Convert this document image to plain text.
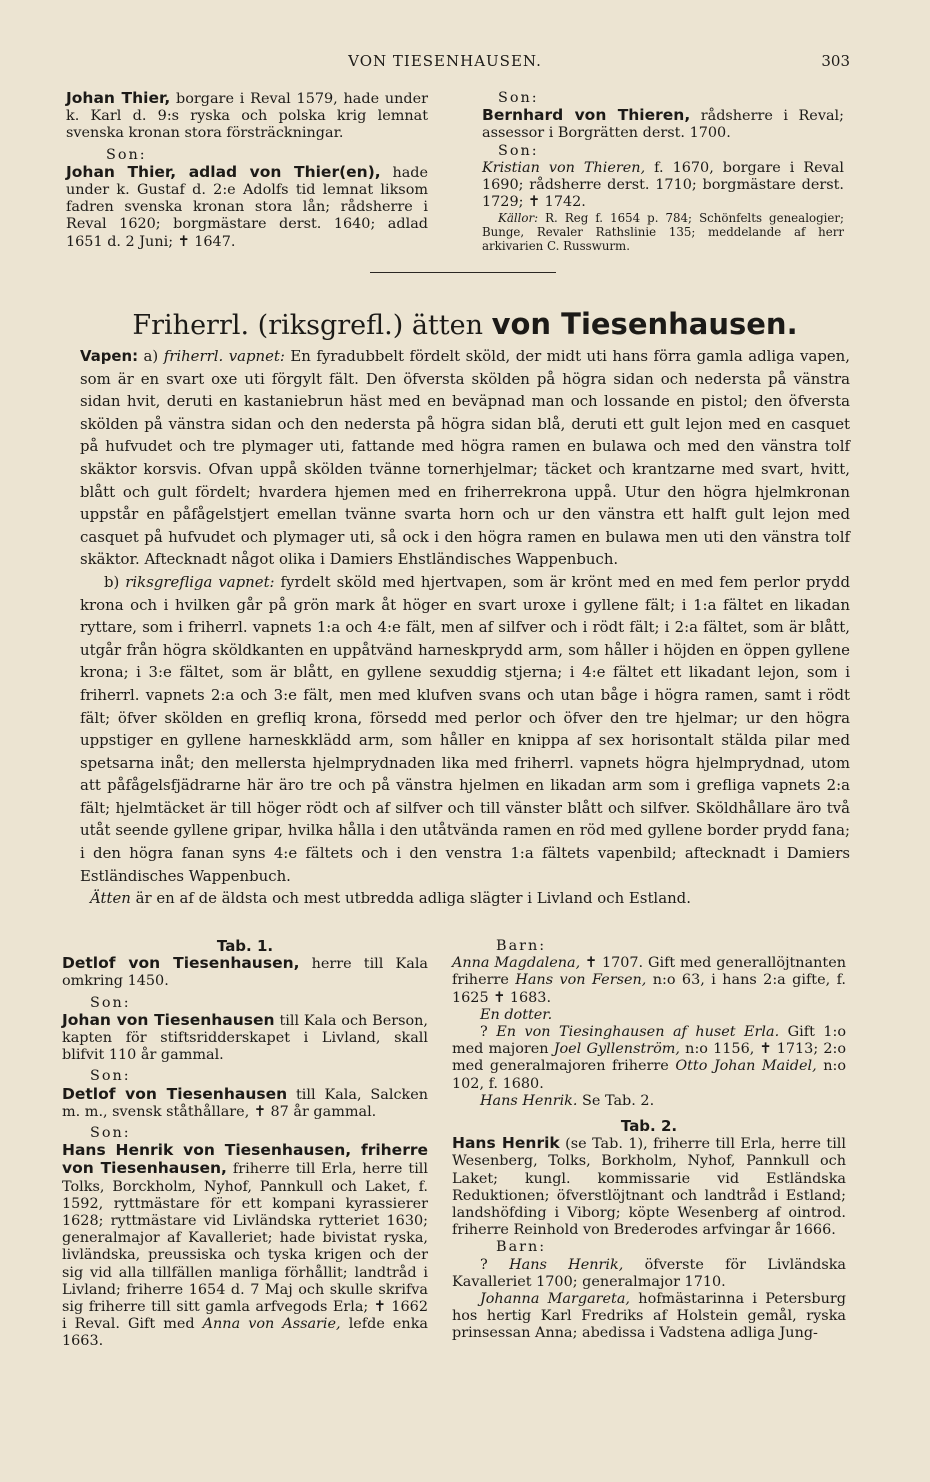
VON TIESENHAUSEN.	303

Johan Thier, borgare i Reval 1579, hade under k. Karl d. 9:s ryska och polska krig lemnat svenska kronan stora försträckningar.

Son:

Johan Thier, adlad von Thier(en), hade under k. Gustaf d. 2:e Adolfs tid lemnat liksom fadren svenska kronan stora lån; rådsherre i Reval 1620; borgmästare derst. 1640; adlad 1651 d. 2 Juni; ✝ 1647.

Son:

Bernhard von Thieren, rådsherre i Reval; assessor i Borgrätten derst. 1700.

Son:

Kristian von Thieren, f. 1670, borgare i Reval 1690; rådsherre derst. 1710; borgmästare derst. 1729; ✝ 1742.

Källor: R. Reg f. 1654 p. 784; Schönfelts genealogier; Bunge, Revaler Rathslinie 135; meddelande af herr arkivarien C. Russwurm.

Friherrl. (riksgrefl.) ätten von Tiesenhausen.

Vapen: a) friherrl. vapnet: En fyradubbelt fördelt sköld, der midt uti hans förra gamla adliga vapen, som är en svart oxe uti förgylt fält. Den öfversta skölden på högra sidan och nedersta på vänstra sidan hvit, deruti en kastaniebrun häst med en beväpnad man och lossande en pistol; den öfversta skölden på vänstra sidan och den nedersta på högra sidan blå, deruti ett gult lejon med en casquet på hufvudet och tre plymager uti, fattande med högra ramen en bulawa och med den vänstra tolf skäktor korsvis. Ofvan uppå skölden tvänne tornerhjelmar; täcket och krantzarne med svart, hvitt, blått och gult fördelt; hvardera hjemen med en friherrekrona uppå. Utur den högra hjelmkronan uppstår en påfågelstjert emellan tvänne svarta horn och ur den vänstra ett halft gult lejon med casquet på hufvudet och plymager uti, så ock i den högra ramen en bulawa men uti den vänstra tolf skäktor. Aftecknadt något olika i Damiers Ehstländisches Wappenbuch.

b) riksgrefliga vapnet: fyrdelt sköld med hjertvapen, som är krönt med en med fem perlor prydd krona och i hvilken går på grön mark åt höger en svart uroxe i gyllene fält; i 1:a fältet en likadan ryttare, som i friherrl. vapnets 1:a och 4:e fält, men af silfver och i rödt fält; i 2:a fältet, som är blått, utgår från högra sköldkanten en uppåtvänd harneskprydd arm, som håller i höjden en öppen gyllene krona; i 3:e fältet, som är blått, en gyllene sexuddig stjerna; i 4:e fältet ett likadant lejon, som i friherrl. vapnets 2:a och 3:e fält, men med klufven svans och utan båge i högra ramen, samt i rödt fält; öfver skölden en grefliq krona, försedd med perlor och öfver den tre hjelmar; ur den högra uppstiger en gyllene harneskklädd arm, som håller en knippa af sex horisontalt stälda pilar med spetsarna inåt; den mellersta hjelmprydnaden lika med friherrl. vapnets högra hjelmprydnad, utom att påfågelsfjädrarne här äro tre och på vänstra hjelmen en likadan arm som i grefliga vapnets 2:a fält; hjelmtäcket är till höger rödt och af silfver och till vänster blått och silfver. Sköldhållare äro två utåt seende gyllene gripar, hvilka hålla i den utåtvända ramen en röd med gyllene border prydd fana; i den högra fanan syns 4:e fältets och i den venstra 1:a fältets vapenbild; aftecknadt i Damiers Estländisches Wappenbuch.

Ätten är en af de äldsta och mest utbredda adliga slägter i Livland och Estland.

Tab. 1.

Detlof von Tiesenhausen, herre till Kala omkring 1450.

Son:

Johan von Tiesenhausen till Kala och Berson, kapten för stiftsridderskapet i Livland, skall blifvit 110 år gammal.

Son:

Detlof von Tiesenhausen till Kala, Salcken m. m., svensk ståthållare, ✝ 87 år gammal.

Son:

Hans Henrik von Tiesenhausen, friherre von Tiesenhausen, friherre till Erla, herre till Tolks, Borckholm, Nyhof, Pannkull och Laket, f. 1592, ryttmästare för ett kompani kyrassierer 1628; ryttmästare vid Livländska rytteriet 1630; generalmajor af Kavalleriet; hade bivistat ryska, livländska, preussiska och tyska krigen och der sig vid alla tillfällen manliga förhållit; landtråd i Livland; friherre 1654 d. 7 Maj och skulle skrifva sig friherre till sitt gamla arfvegods Erla; ✝ 1662 i Reval. Gift med Anna von Assarie, lefde enka 1663.

Barn:

Anna Magdalena, ✝ 1707. Gift med generallöjtnanten friherre Hans von Fersen, n:o 63, i hans 2:a gifte, f. 1625 ✝ 1683.

En dotter.

? En von Tiesinghausen af huset Erla. Gift 1:o med majoren Joel Gyllenström, n:o 1156, ✝ 1713; 2:o med generalmajoren friherre Otto Johan Maidel, n:o 102, f. 1680.

Hans Henrik. Se Tab. 2.

Tab. 2.

Hans Henrik (se Tab. 1), friherre till Erla, herre till Wesenberg, Tolks, Borkholm, Nyhof, Pannkull och Laket; kungl. kommissarie vid Estländska Reduktionen; öfverstlöjtnant och landtråd i Estland; landshöfding i Viborg; köpte Wesenberg af ointrod. friherre Reinhold von Brederodes arfvingar år 1666.

Barn:

? Hans Henrik, öfverste för Livländska Kavalleriet 1700; generalmajor 1710.

Johanna Margareta, hofmästarinna i Petersburg hos hertig Karl Fredriks af Holstein gemål, ryska prinsessan Anna; abedissa i Vadstena adliga Jung-
